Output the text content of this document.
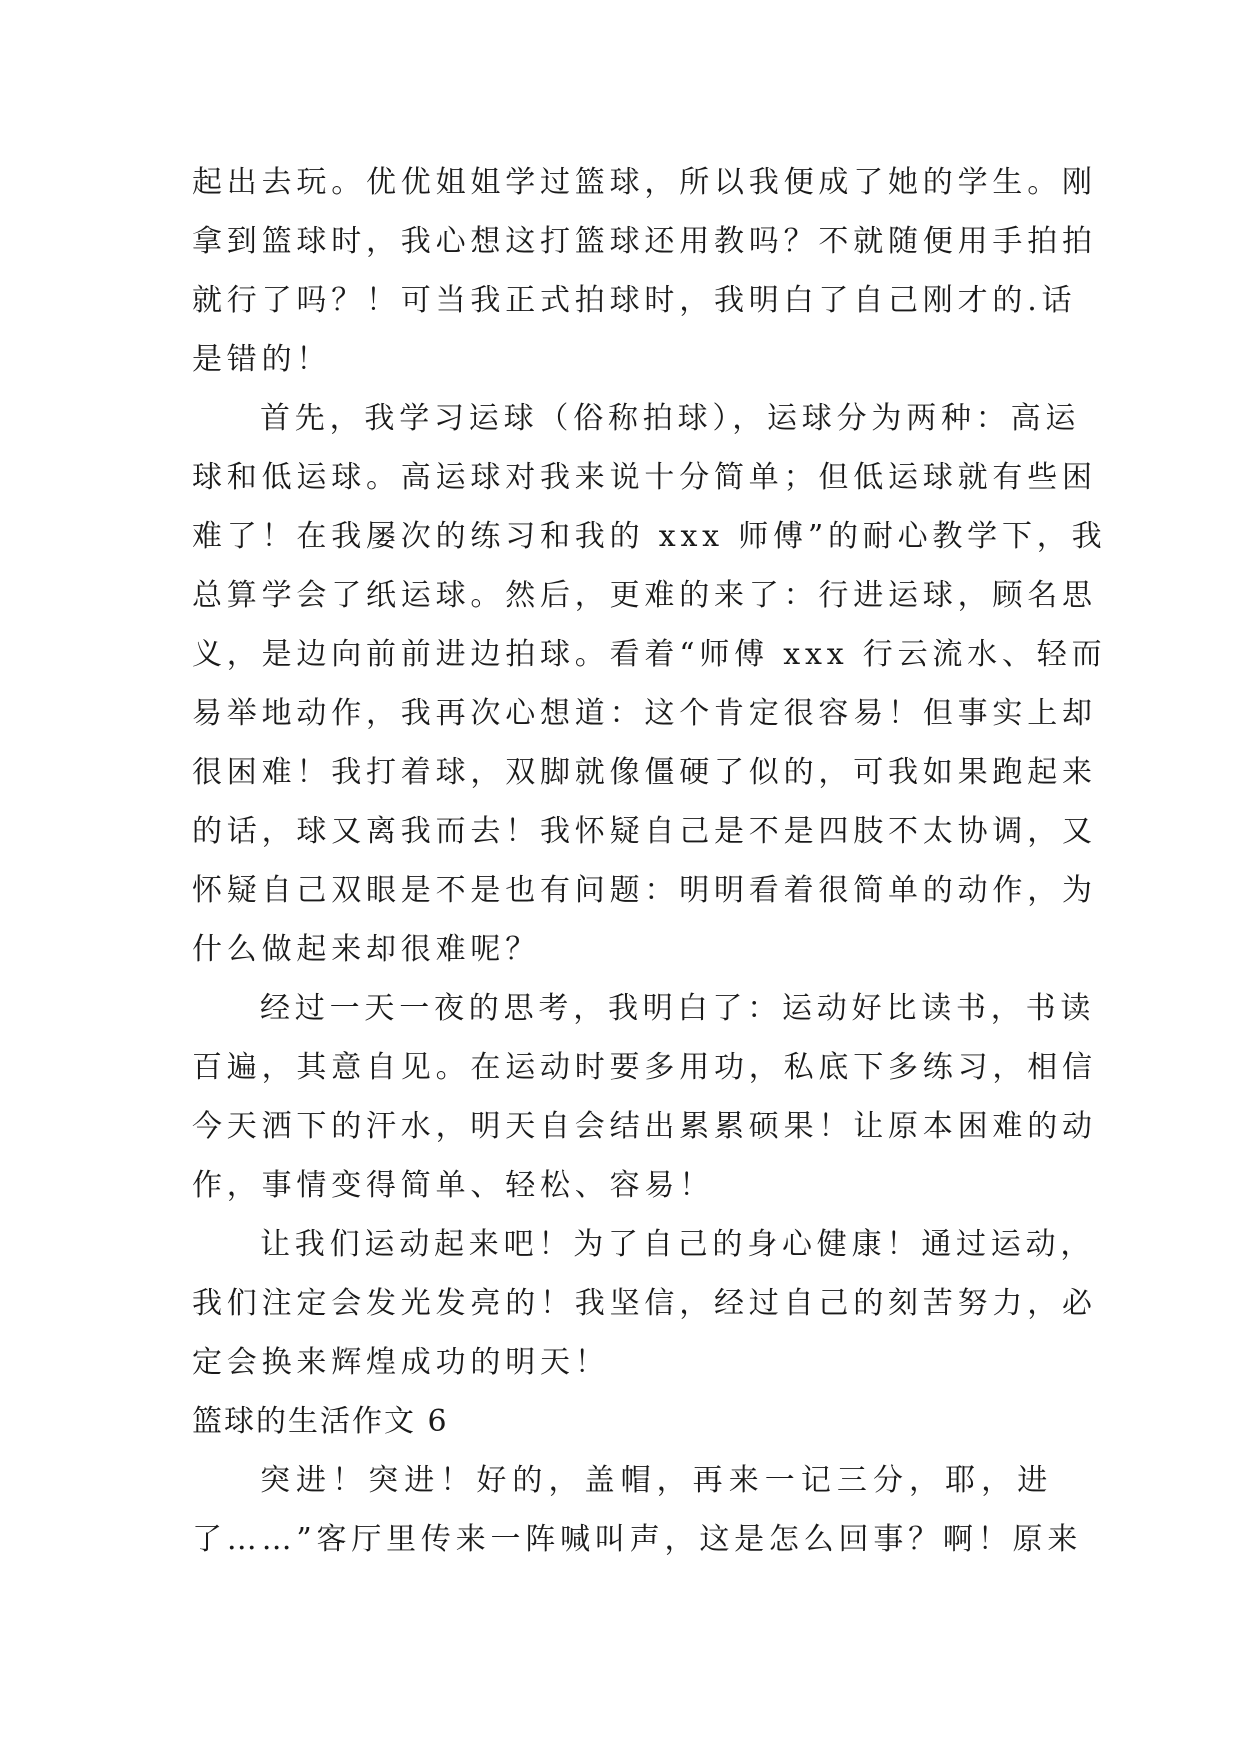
起出去玩。优优姐姐学过篮球，所以我便成了她的学生。刚
拿到篮球时，我心想这打篮球还用教吗？不就随便用手拍拍
就行了吗？！可当我正式拍球时，我明白了自己刚才的.话
是错的！
首先，我学习运球（俗称拍球），运球分为两种：高运
球和低运球。高运球对我来说十分简单；但低运球就有些困
难了！在我屡次的练习和我的 xxx 师傅”的耐心教学下，我
总算学会了纸运球。然后，更难的来了：行进运球，顾名思
义，是边向前前进边拍球。看着“师傅 xxx 行云流水、轻而
易举地动作，我再次心想道：这个肯定很容易！但事实上却
很困难！我打着球，双脚就像僵硬了似的，可我如果跑起来
的话，球又离我而去！我怀疑自己是不是四肢不太协调，又
怀疑自己双眼是不是也有问题：明明看着很简单的动作，为
什么做起来却很难呢？
经过一天一夜的思考，我明白了：运动好比读书，书读
百遍，其意自见。在运动时要多用功，私底下多练习，相信
今天洒下的汗水，明天自会结出累累硕果！让原本困难的动
作，事情变得简单、轻松、容易！
让我们运动起来吧！为了自己的身心健康！通过运动，
我们注定会发光发亮的！我坚信，经过自己的刻苦努力，必
定会换来辉煌成功的明天！
篮球的生活作文 6
突进！突进！好的，盖帽，再来一记三分，耶，进
了……”客厅里传来一阵喊叫声，这是怎么回事？啊！原来
